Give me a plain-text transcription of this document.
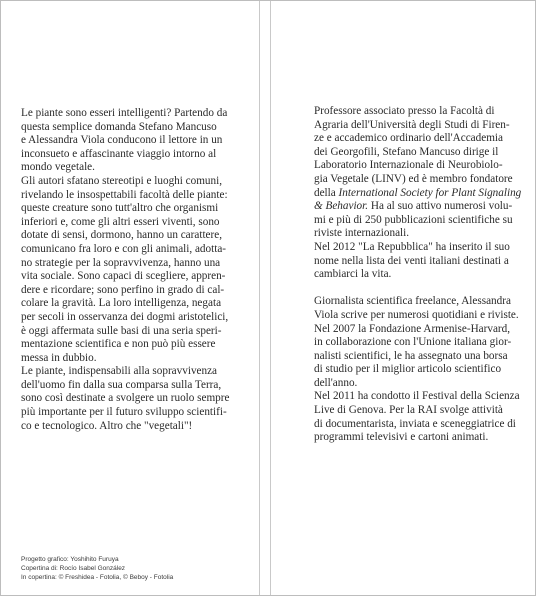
Le piante sono esseri intelligenti? Partendo da
questa semplice domanda Stefano Mancuso
e Alessandra Viola conducono il lettore in un
inconsueto e affascinante viaggio intorno al
mondo vegetale.
Gli autori sfatano stereotipi e luoghi comuni,
rivelando le insospettabili facoltà delle piante:
queste creature sono tutt'altro che organismi
inferiori e, come gli altri esseri viventi, sono
dotate di sensi, dormono, hanno un carattere,
comunicano fra loro e con gli animali, adotta-
no strategie per la sopravvivenza, hanno una
vita sociale. Sono capaci di scegliere, appren-
dere e ricordare; sono perfino in grado di cal-
colare la gravità. La loro intelligenza, negata
per secoli in osservanza dei dogmi aristotelici,
è oggi affermata sulle basi di una seria speri-
mentazione scientifica e non può più essere
messa in dubbio.
Le piante, indispensabili alla sopravvivenza
dell'uomo fin dalla sua comparsa sulla Terra,
sono così destinate a svolgere un ruolo sempre
più importante per il futuro sviluppo scientifi-
co e tecnologico. Altro che "vegetali"!
Progetto grafico: Yoshihito Furuya
Copertina di: Rocío Isabel González
In copertina: © Freshidea - Fotolia, © Beboy - Fotolia
Professore associato presso la Facoltà di
Agraria dell'Università degli Studi di Firen-
ze e accademico ordinario dell'Accademia
dei Georgofili, Stefano Mancuso dirige il
Laboratorio Internazionale di Neurobiolo-
gia Vegetale (LINV) ed è membro fondatore
della International Society for Plant Signaling
& Behavior. Ha al suo attivo numerosi volu-
mi e più di 250 pubblicazioni scientifiche su
riviste internazionali.
Nel 2012 "La Repubblica" ha inserito il suo
nome nella lista dei venti italiani destinati a
cambiarci la vita.
Giornalista scientifica freelance, Alessandra
Viola scrive per numerosi quotidiani e riviste.
Nel 2007 la Fondazione Armenise-Harvard,
in collaborazione con l'Unione italiana gior-
nalisti scientifici, le ha assegnato una borsa
di studio per il miglior articolo scientifico
dell'anno.
Nel 2011 ha condotto il Festival della Scienza
Live di Genova. Per la RAI svolge attività
di documentarista, inviata e sceneggiatrice di
programmi televisivi e cartoni animati.
